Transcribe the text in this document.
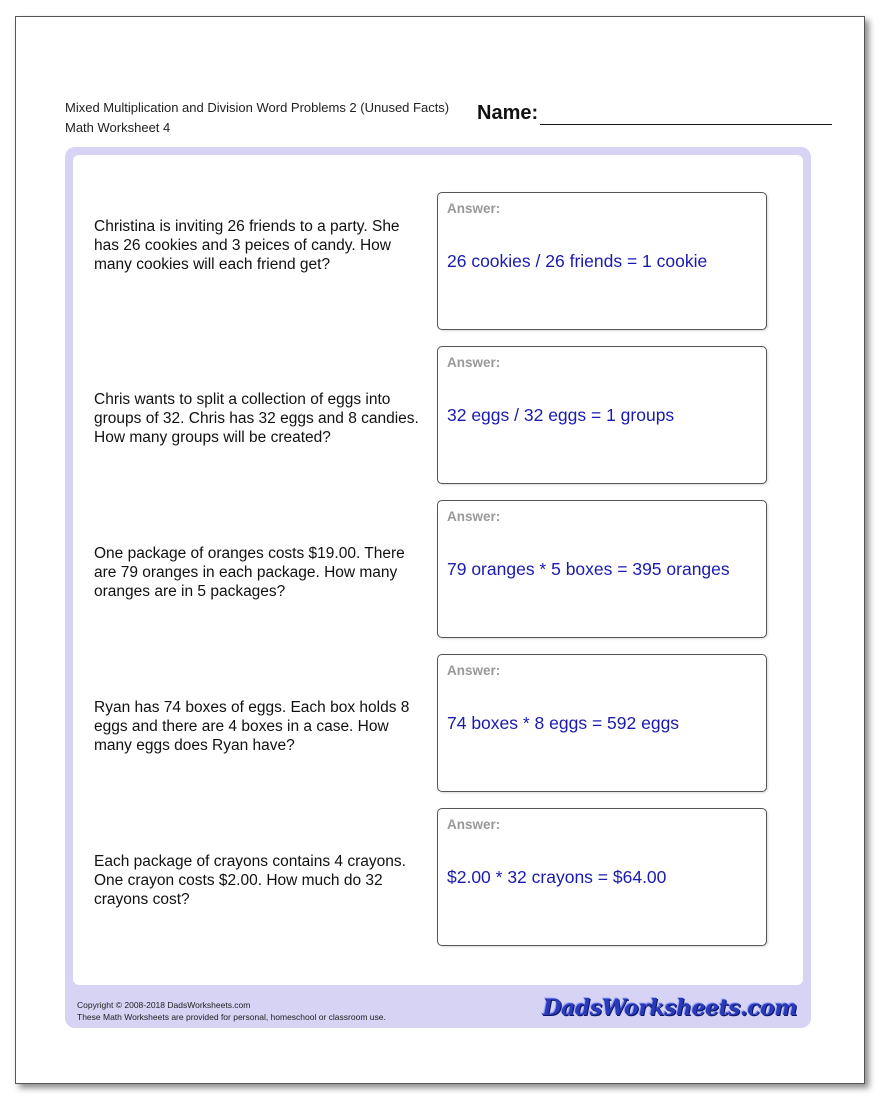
Mixed Multiplication and Division Word Problems 2 (Unused Facts)
Math Worksheet 4
Name:
Christina is inviting 26 friends to a party. She has 26 cookies and 3 peices of candy. How many cookies will each friend get?
Answer:
26 cookies / 26 friends = 1 cookie
Chris wants to split a collection of eggs into groups of 32. Chris has 32 eggs and 8 candies. How many groups will be created?
Answer:
32 eggs / 32 eggs = 1 groups
One package of oranges costs $19.00. There are 79 oranges in each package. How many oranges are in 5 packages?
Answer:
79 oranges * 5 boxes = 395 oranges
Ryan has 74 boxes of eggs. Each box holds 8 eggs and there are 4 boxes in a case. How many eggs does Ryan have?
Answer:
74 boxes * 8 eggs = 592 eggs
Each package of crayons contains 4 crayons. One crayon costs $2.00. How much do 32 crayons cost?
Answer:
$2.00 * 32 crayons = $64.00
Copyright © 2008-2018 DadsWorksheets.com
These Math Worksheets are provided for personal, homeschool or classroom use.	DadsWorksheets.com
